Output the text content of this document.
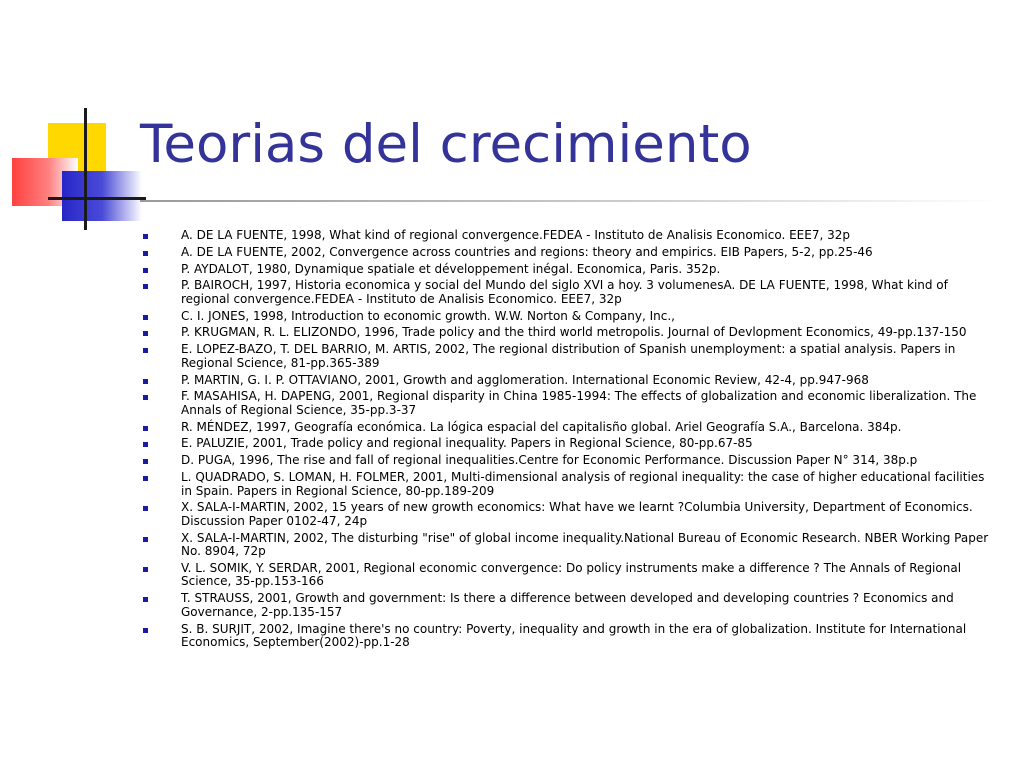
Teorias del crecimiento
A. DE LA FUENTE, 1998, What kind of regional convergence.FEDEA - Instituto de Analisis Economico. EEE7, 32p
A. DE LA FUENTE, 2002, Convergence across countries and regions: theory and empirics. EIB Papers, 5-2, pp.25-46
P. AYDALOT, 1980, Dynamique spatiale et développement inégal. Economica, Paris. 352p.
P. BAIROCH, 1997, Historia economica y social del Mundo del siglo XVI a hoy. 3 volumenesA. DE LA FUENTE, 1998, What kind of regional convergence.FEDEA - Instituto de Analisis Economico. EEE7, 32p
C. I. JONES, 1998, Introduction to economic growth. W.W. Norton & Company, Inc.,
P. KRUGMAN, R. L. ELIZONDO, 1996, Trade policy and the third world metropolis. Journal of Devlopment Economics, 49-pp.137-150
E. LOPEZ-BAZO, T. DEL BARRIO, M. ARTIS, 2002, The regional distribution of Spanish unemployment: a spatial analysis. Papers in Regional Science, 81-pp.365-389
P. MARTIN, G. I. P. OTTAVIANO, 2001, Growth and agglomeration. International Economic Review, 42-4, pp.947-968
F. MASAHISA, H. DAPENG, 2001, Regional disparity in China 1985-1994: The effects of globalization and economic liberalization. The Annals of Regional Science, 35-pp.3-37
R. MÉNDEZ, 1997, Geografía económica. La lógica espacial del capitalisño global. Ariel Geografía S.A., Barcelona. 384p.
E. PALUZIE, 2001, Trade policy and regional inequality. Papers in Regional Science, 80-pp.67-85
D. PUGA, 1996, The rise and fall of regional inequalities.Centre for Economic Performance. Discussion Paper N° 314, 38p.p
L. QUADRADO, S. LOMAN, H. FOLMER, 2001, Multi-dimensional analysis of regional inequality: the case of higher educational facilities in Spain. Papers in Regional Science, 80-pp.189-209
X. SALA-I-MARTIN, 2002, 15 years of new growth economics: What have we learnt ?Columbia University, Department of Economics. Discussion Paper 0102-47, 24p
X. SALA-I-MARTIN, 2002, The disturbing "rise" of global income inequality.National Bureau of Economic Research. NBER Working Paper No. 8904, 72p
V. L. SOMIK, Y. SERDAR, 2001, Regional economic convergence: Do policy instruments make a difference ? The Annals of Regional Science, 35-pp.153-166
T. STRAUSS, 2001, Growth and government: Is there a difference between developed and developing countries ? Economics and Governance, 2-pp.135-157
S. B. SURJIT, 2002, Imagine there's no country: Poverty, inequality and growth in the era of globalization. Institute for International Economics, September(2002)-pp.1-28
